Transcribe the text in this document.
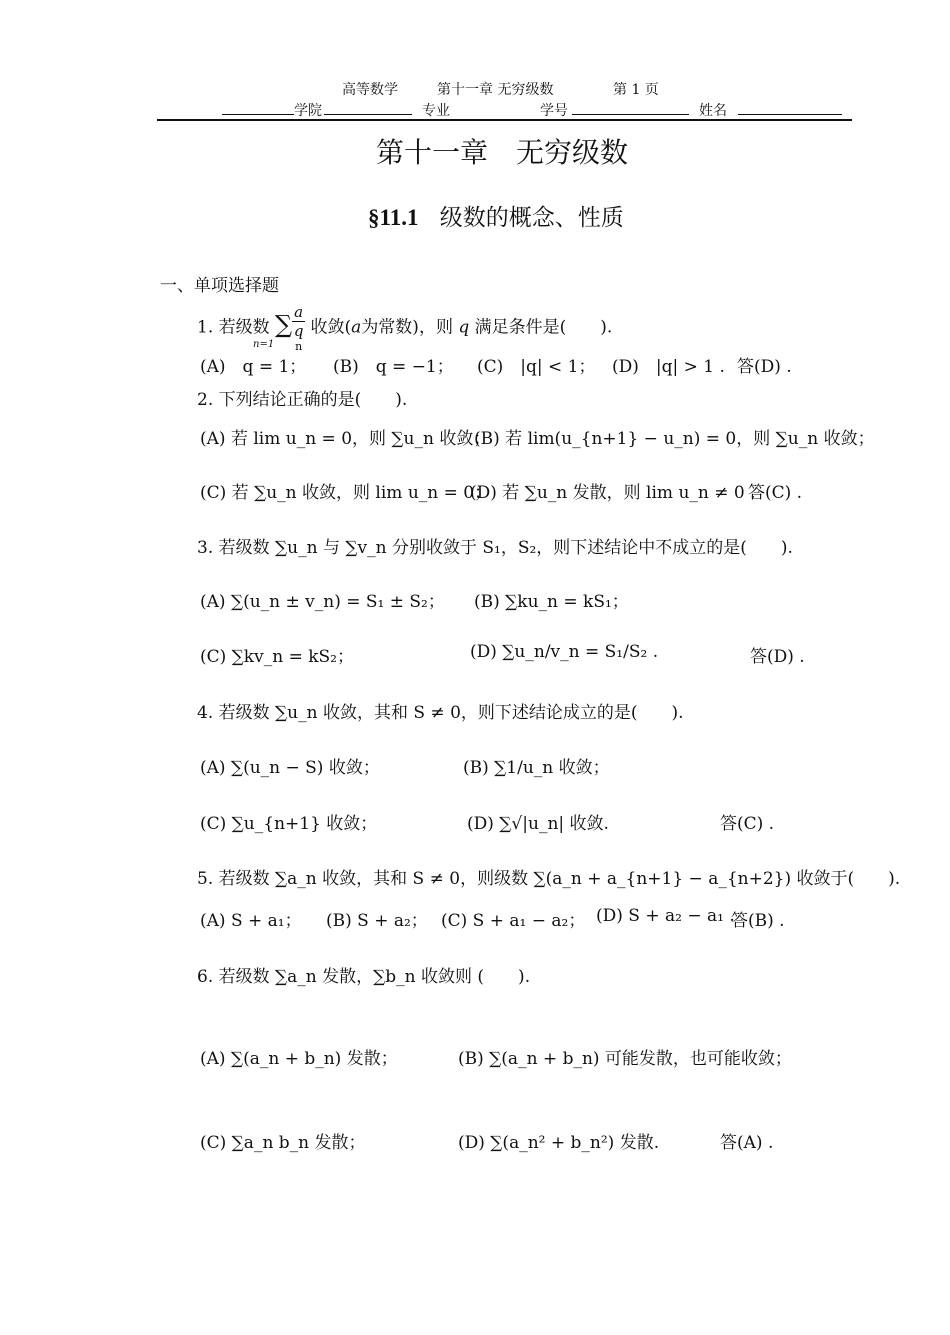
高等数学	第十一章 无穷级数	第 1 页
学院	专业	学号	姓名
第十一章　无穷级数
§11.1 级数的概念、性质
一、单项选择题
1. 若级数 ∑ a
q
n 收敛(a为常数)，则 q 满足条件是(　　).
n=1
(A)　q = 1； (B)　q = −1； (C)　|q| < 1； (D)　|q| > 1 . 答(D) .
2. 下列结论正确的是(　　).
(A) 若 lim u_n = 0，则 ∑u_n 收敛；
(B) 若 lim(u_{n+1} − u_n) = 0，则 ∑u_n 收敛；
(C) 若 ∑u_n 收敛，则 lim u_n = 0；
(D) 若 ∑u_n 发散，则 lim u_n ≠ 0 .
答(C) .
3. 若级数 ∑u_n 与 ∑v_n 分别收敛于 S₁，S₂，则下述结论中不成立的是(　　).
(A) ∑(u_n ± v_n) = S₁ ± S₂； (B) ∑ku_n = kS₁；
(C) ∑kv_n = kS₂；	(D) ∑u_n/v_n = S₁/S₂ .	答(D) .
4. 若级数 ∑u_n 收敛，其和 S ≠ 0，则下述结论成立的是(　　).
(A) ∑(u_n − S) 收敛；	(B) ∑1/u_n 收敛；
(C) ∑u_{n+1} 收敛；	(D) ∑√|u_n| 收敛.	答(C) .
5. 若级数 ∑a_n 收敛，其和 S ≠ 0，则级数 ∑(a_n + a_{n+1} − a_{n+2}) 收敛于(　　).
(A) S + a₁； (B) S + a₂； (C) S + a₁ − a₂； (D) S + a₂ − a₁ .
答(B) .
6. 若级数 ∑a_n 发散，∑b_n 收敛则 (　　).
(A) ∑(a_n + b_n) 发散；	(B) ∑(a_n + b_n) 可能发散，也可能收敛；
(C) ∑a_n b_n 发散；	(D) ∑(a_n² + b_n²) 发散.	答(A) .
